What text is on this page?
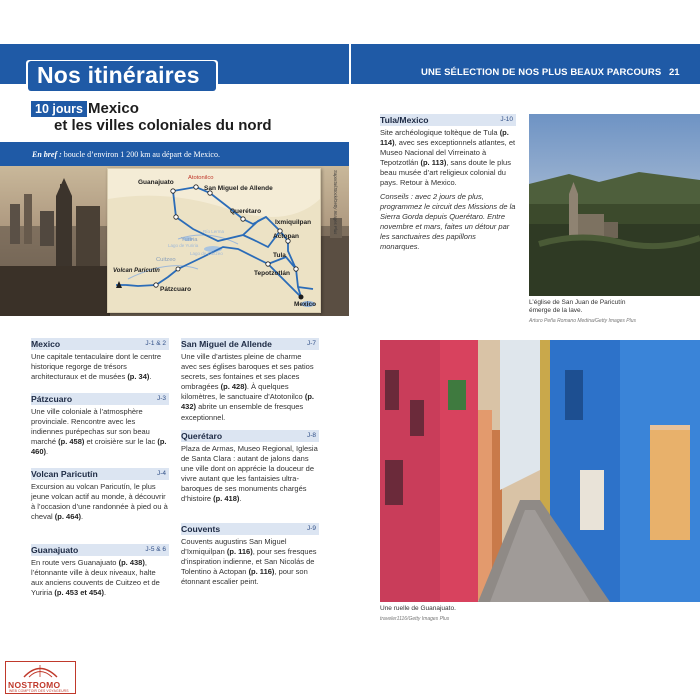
Nos itinéraires	UNE SÉLECTION DE NOS PLUS BEAUX PARCOURS 21
10 jours Mexico
et les villes coloniales du nord
En bref : boucle d’environ 1 200 km au départ de Mexico.
Guanajuato
Atotonilco
San Miguel de Allende
Querétaro
Ixmiquilpan
Actopan
Tula
Tepotzotlán
Mexico
Pátzcuaro
Cuitzeo
Yuriria
Volcan Paricutín
Lago de Cuitzeo
Lago de Yuriria
Río Lerma	Saporta/iStock/Getty Images Plus
L’église de San Juan de Paricutín émerge de la lave.
Arturo Peña Romano Medina/Getty Images Plus
Une ruelle de Guanajuato.
traveler1116/Getty Images Plus
Mexico	J-1 & 2
Une capitale tentaculaire dont le centre historique regorge de trésors architecturaux et de musées (p. 34).
Pátzcuaro	J-3
Une ville coloniale à l’atmosphère provinciale. Rencontre avec les indiennes purépechas sur son beau marché (p. 458) et croisière sur le lac (p. 460).
Volcan Paricutín	J-4
Excursion au volcan Paricutín, le plus jeune volcan actif au monde, à découvrir à l’occasion d’une randonnée à pied ou à cheval (p. 464).
Guanajuato	J-5 & 6
En route vers Guanajuato (p. 438), l’étonnante ville à deux niveaux, halte aux anciens couvents de Cuitzeo et de Yuriria (p. 453 et 454).
San Miguel de Allende	J-7
Une ville d’artistes pleine de charme avec ses églises baroques et ses patios secrets, ses fontaines et ses places ombragées (p. 428). À quelques kilomètres, le sanctuaire d’Atotonilco (p. 432) abrite un ensemble de fresques exceptionnel.
Querétaro	J-8
Plaza de Armas, Museo Regional, Iglesia de Santa Clara : autant de jalons dans une ville dont on apprécie la douceur de vivre autant que les fantaisies ultra-baroques de ses monuments chargés d’histoire (p. 418).
Couvents	J-9
Couvents augustins San Miguel d’Ixmiquilpan (p. 116), pour ses fresques d’inspiration indienne, et San Nicolás de Tolentino à Actopan (p. 116), pour son étonnant escalier peint.
Tula/Mexico	J-10
Site archéologique toltèque de Tula (p. 114), avec ses exceptionnels atlantes, et Museo Nacional del Virreinato à Tepotzotlán (p. 113), sans doute le plus beau musée d’art religieux colonial du pays. Retour à Mexico.
Conseils : avec 2 jours de plus, programmez le circuit des Missions de la Sierra Gorda depuis Querétaro. Entre novembre et mars, faites un détour par les sanctuaires des papillons monarques.
NOSTROMO
WEB COMPTOIR DES VOYAGEURS
